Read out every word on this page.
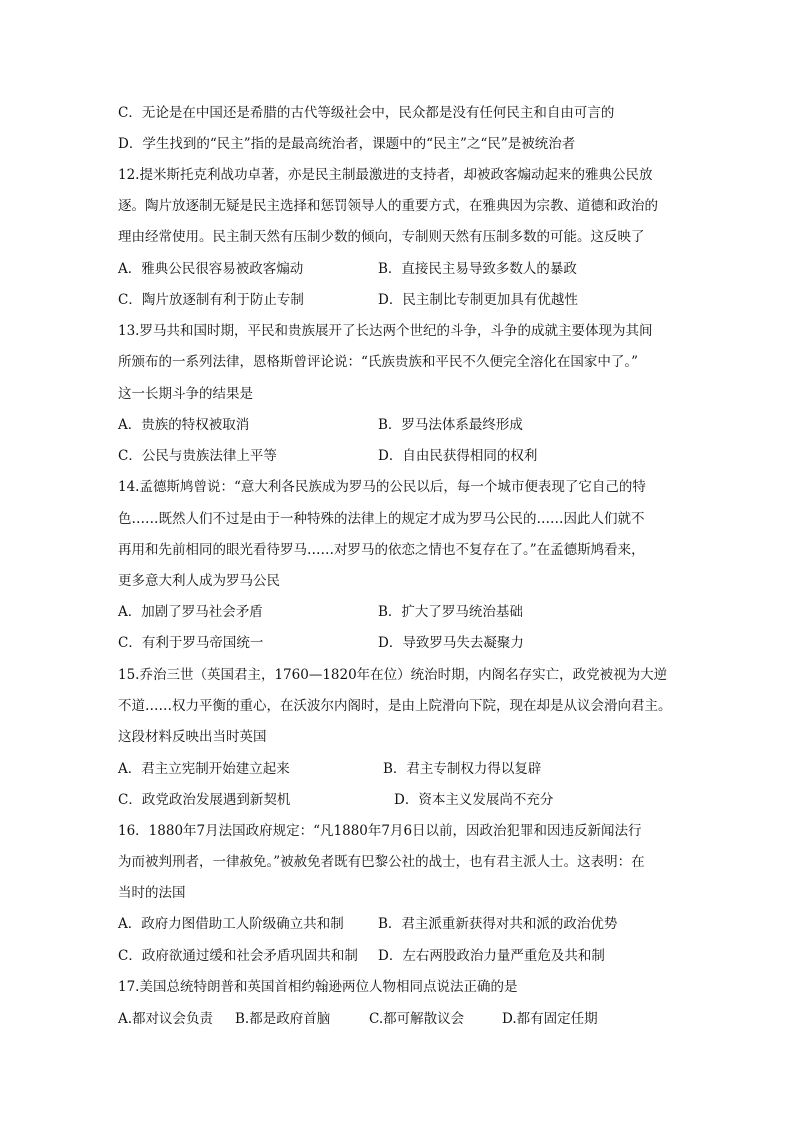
C．无论是在中国还是希腊的古代等级社会中，民众都是没有任何民主和自由可言的
D．学生找到的“民主”指的是最高统治者，课题中的“民主”之“民”是被统治者
12.提米斯托克利战功卓著，亦是民主制最激进的支持者，却被政客煽动起来的雅典公民放
逐。陶片放逐制无疑是民主选择和惩罚领导人的重要方式，在雅典因为宗教、道德和政治的
理由经常使用。民主制天然有压制少数的倾向，专制则天然有压制多数的可能。这反映了
A．雅典公民很容易被政客煽动	B．直接民主易导致多数人的暴政
C．陶片放逐制有利于防止专制	D．民主制比专制更加具有优越性
13.罗马共和国时期，平民和贵族展开了长达两个世纪的斗争，斗争的成就主要体现为其间
所颁布的一系列法律，恩格斯曾评论说：“氏族贵族和平民不久便完全溶化在国家中了。”
这一长期斗争的结果是
A．贵族的特权被取消	B．罗马法体系最终形成
C．公民与贵族法律上平等	D．自由民获得相同的权利
14.孟德斯鸠曾说：“意大利各民族成为罗马的公民以后，每一个城市便表现了它自己的特
色……既然人们不过是由于一种特殊的法律上的规定才成为罗马公民的……因此人们就不
再用和先前相同的眼光看待罗马……对罗马的依恋之情也不复存在了。”在孟德斯鸠看来，
更多意大利人成为罗马公民
A．加剧了罗马社会矛盾	B．扩大了罗马统治基础
C．有利于罗马帝国统一	D．导致罗马失去凝聚力
15.乔治三世（英国君主，1760—1820年在位）统治时期，内阁名存实亡，政党被视为大逆
不道……权力平衡的重心，在沃波尔内阁时，是由上院滑向下院，现在却是从议会滑向君主。
这段材料反映出当时英国
A．君主立宪制开始建立起来	B．君主专制权力得以复辟
C．政党政治发展遇到新契机	D．资本主义发展尚不充分
16．1880年7月法国政府规定：“凡1880年7月6日以前，因政治犯罪和因违反新闻法行
为而被判刑者，一律赦免。”被赦免者既有巴黎公社的战士，也有君主派人士。这表明：在
当时的法国
A．政府力图借助工人阶级确立共和制	B．君主派重新获得对共和派的政治优势
C．政府欲通过缓和社会矛盾巩固共和制 D．左右两股政治力量严重危及共和制
17.美国总统特朗普和英国首相约翰逊两位人物相同点说法正确的是
A.都对议会负责 B.都是政府首脑	C.都可解散议会	D.都有固定任期
